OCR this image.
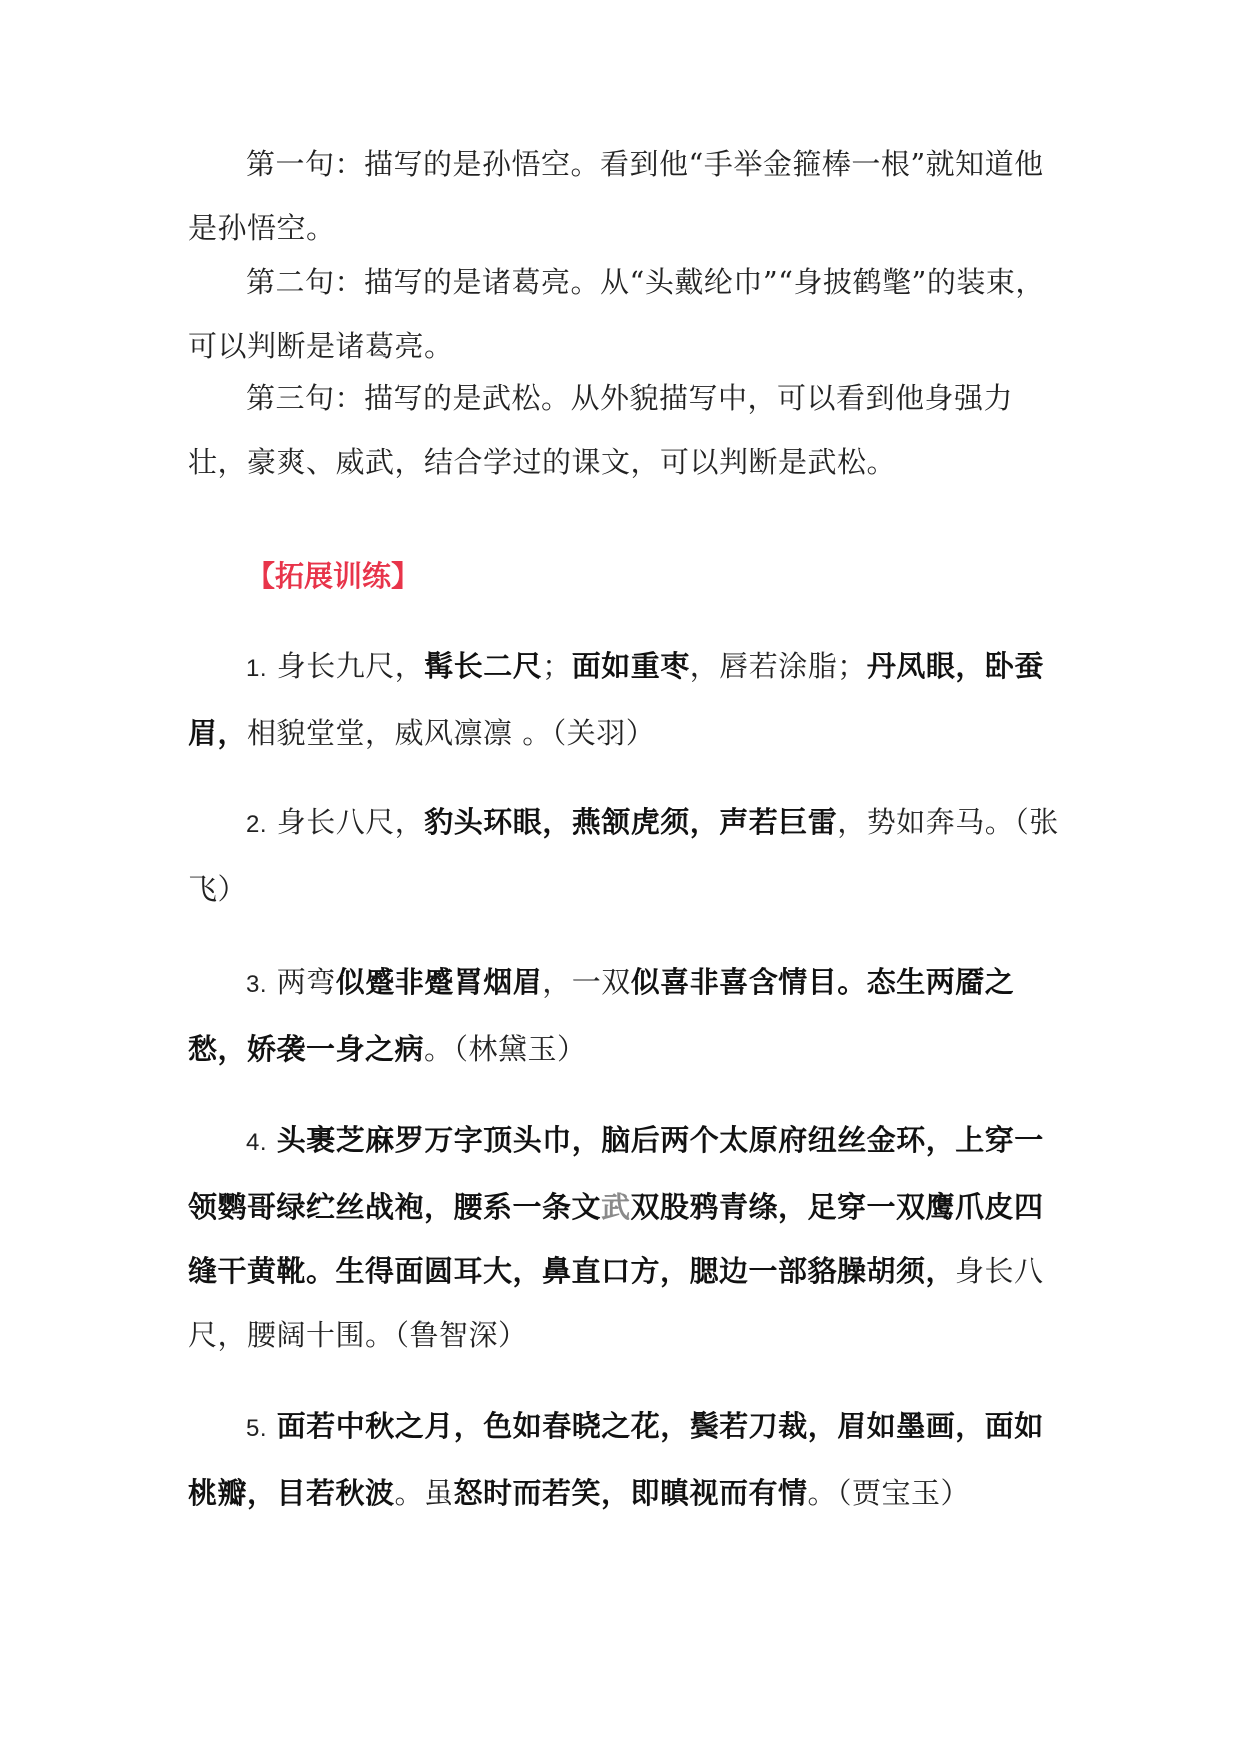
第一句：描写的是孙悟空。看到他“手举金箍棒一根”就知道他是孙悟空。

第二句：描写的是诸葛亮。从“头戴纶巾”“身披鹤氅”的装束，可以判断是诸葛亮。

第三句：描写的是武松。从外貌描写中，可以看到他身强力壮，豪爽、威武，结合学过的课文，可以判断是武松。

【拓展训练】

1. 身长九尺，髯长二尺；面如重枣，唇若涂脂；丹凤眼，卧蚕眉，相貌堂堂，威风凛凛 。（关羽）

2. 身长八尺，豹头环眼，燕颔虎须，声若巨雷，势如奔马。（张飞）

3. 两弯似蹙非蹙罥烟眉，一双似喜非喜含情目。态生两靥之愁，娇袭一身之病。（林黛玉）

4. 头裹芝麻罗万字顶头巾，脑后两个太原府纽丝金环，上穿一领鹦哥绿纻丝战袍，腰系一条文武双股鸦青绦，足穿一双鹰爪皮四缝干黄靴。生得面圆耳大，鼻直口方，腮边一部貉臊胡须，身长八尺，腰阔十围。（鲁智深）

5. 面若中秋之月，色如春晓之花，鬓若刀裁，眉如墨画，面如桃瓣，目若秋波。虽怒时而若笑，即瞋视而有情。（贾宝玉）
